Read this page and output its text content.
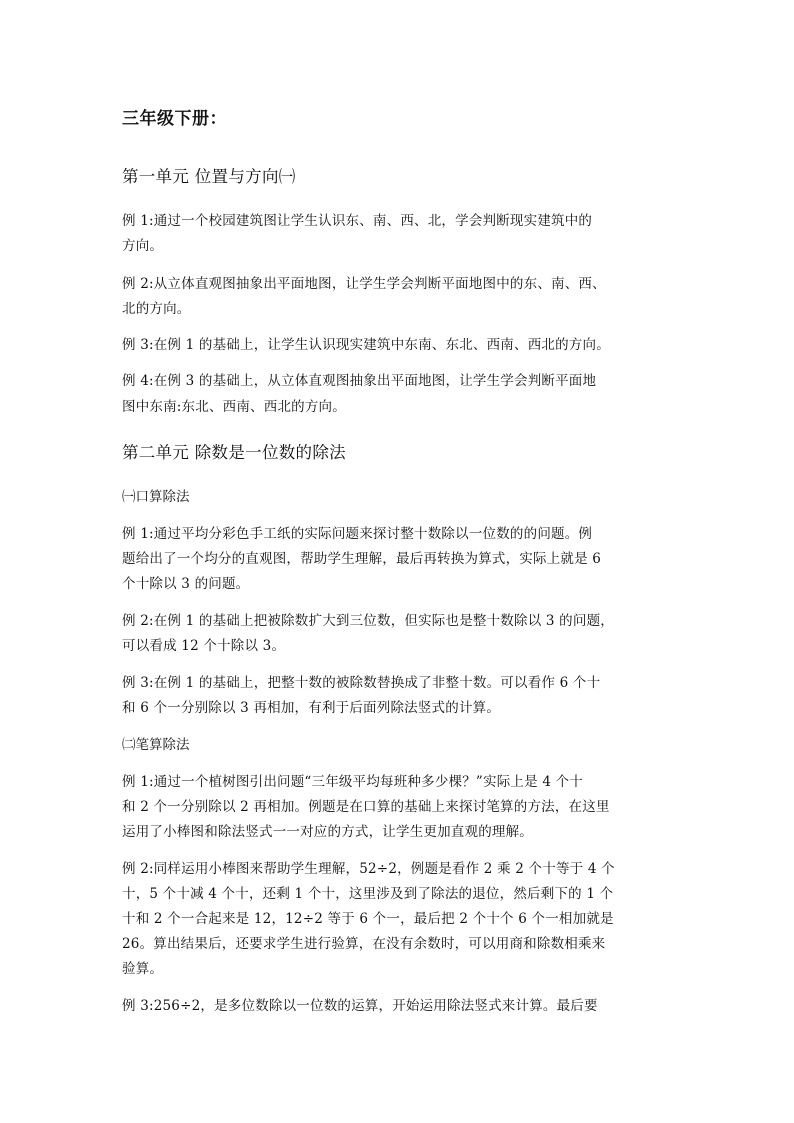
三年级下册：
第一单元 位置与方向㈠
例 1:通过一个校园建筑图让学生认识东、南、西、北，学会判断现实建筑中的
方向。
例 2:从立体直观图抽象出平面地图，让学生学会判断平面地图中的东、南、西、
北的方向。
例 3:在例 1 的基础上，让学生认识现实建筑中东南、东北、西南、西北的方向。
例 4:在例 3 的基础上，从立体直观图抽象出平面地图，让学生学会判断平面地
图中东南:东北、西南、西北的方向。
第二单元 除数是一位数的除法
㈠口算除法
例 1:通过平均分彩色手工纸的实际问题来探讨整十数除以一位数的的问题。例
题给出了一个均分的直观图，帮助学生理解，最后再转换为算式，实际上就是 6
个十除以 3 的问题。
例 2:在例 1 的基础上把被除数扩大到三位数，但实际也是整十数除以 3 的问题，
可以看成 12 个十除以 3。
例 3:在例 1 的基础上，把整十数的被除数替换成了非整十数。可以看作 6 个十
和 6 个一分别除以 3 再相加，有利于后面列除法竖式的计算。
㈡笔算除法
例 1:通过一个植树图引出问题“三年级平均每班种多少棵？”实际上是 4 个十
和 2 个一分别除以 2 再相加。例题是在口算的基础上来探讨笔算的方法，在这里
运用了小棒图和除法竖式一一对应的方式，让学生更加直观的理解。
例 2:同样运用小棒图来帮助学生理解，52÷2，例题是看作 2 乘 2 个十等于 4 个
十，5 个十减 4 个十，还剩 1 个十，这里涉及到了除法的退位，然后剩下的 1 个
十和 2 个一合起来是 12，12÷2 等于 6 个一，最后把 2 个十个 6 个一相加就是
26。算出结果后，还要求学生进行验算，在没有余数时，可以用商和除数相乘来
验算。
例 3:256÷2，是多位数除以一位数的运算，开始运用除法竖式来计算。最后要
